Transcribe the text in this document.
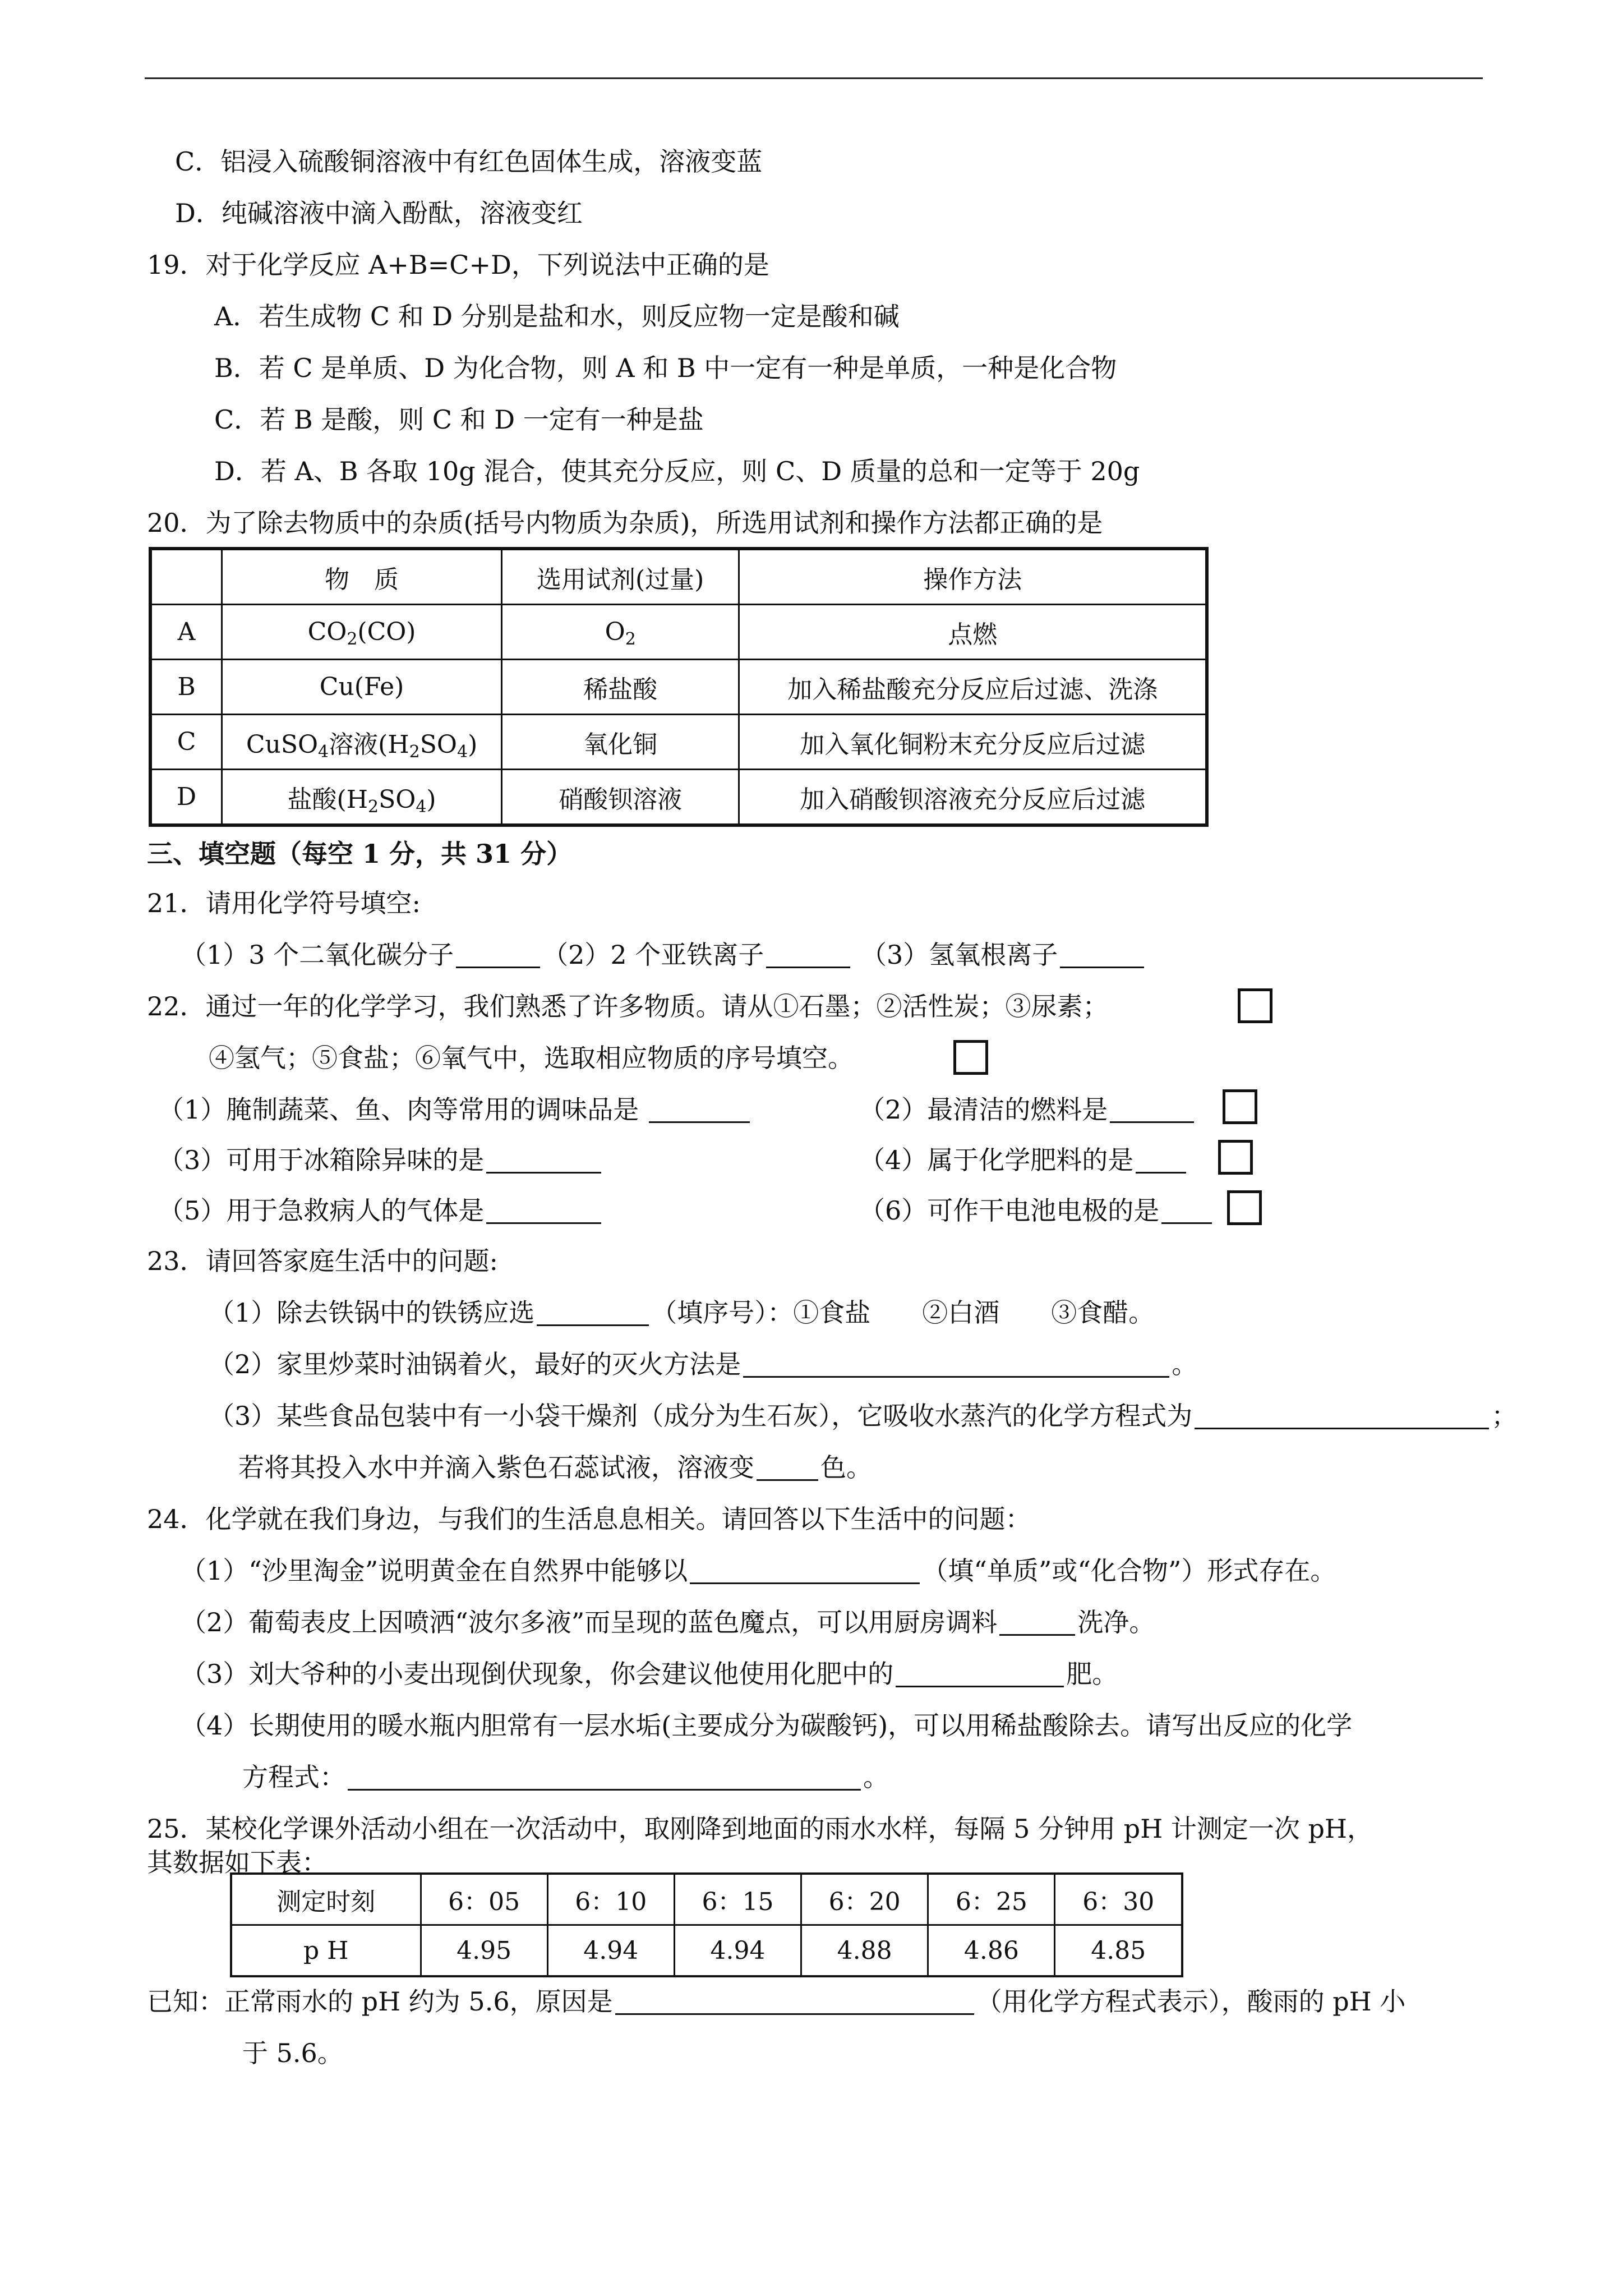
C．铝浸入硫酸铜溶液中有红色固体生成，溶液变蓝
D．纯碱溶液中滴入酚酞，溶液变红
19．对于化学反应 A+B=C+D，下列说法中正确的是
A．若生成物 C 和 D 分别是盐和水，则反应物一定是酸和碱
B．若 C 是单质、D 为化合物，则 A 和 B 中一定有一种是单质，一种是化合物
C．若 B 是酸，则 C 和 D 一定有一种是盐
D．若 A、B 各取 10g 混合，使其充分反应，则 C、D 质量的总和一定等于 20g
20．为了除去物质中的杂质(括号内物质为杂质)，所选用试剂和操作方法都正确的是
	物　质	选用试剂(过量)	操作方法
A	$CO_2(CO)$	$O_2$	点燃
B	Cu(Fe)	稀盐酸	加入稀盐酸充分反应后过滤、洗涤
C	CuSO$_4$溶液$(H_2SO_4)$	氧化铜	加入氧化铜粉末充分反应后过滤
D	盐酸$(H_2SO_4)$	硝酸钡溶液	加入硝酸钡溶液充分反应后过滤
三、填空题（每空 1 分，共 31 分）
21．请用化学符号填空:
（1）3 个二氧化碳分子	（2）2 个亚铁离子	（3）氢氧根离子
22．通过一年的化学学习，我们熟悉了许多物质。请从①石墨；②活性炭；③尿素；
④氢气；⑤食盐；⑥氧气中，选取相应物质的序号填空。
（1）腌制蔬菜、鱼、肉等常用的调味品是	（2）最清洁的燃料是
（3）可用于冰箱除异味的是	（4）属于化学肥料的是
（5）用于急救病人的气体是	（6）可作干电池电极的是
23．请回答家庭生活中的问题:
（1）除去铁锅中的铁锈应选	（填序号）：①食盐　　②白酒　　③食醋。
（2）家里炒菜时油锅着火，最好的灭火方法是	。
（3）某些食品包装中有一小袋干燥剂（成分为生石灰），它吸收水蒸汽的化学方程式为	；
若将其投入水中并滴入紫色石蕊试液，溶液变	色。
24．化学就在我们身边，与我们的生活息息相关。请回答以下生活中的问题：
（1）“沙里淘金”说明黄金在自然界中能够以	（填“单质”或“化合物”）形式存在。
（2）葡萄表皮上因喷洒“波尔多液”而呈现的蓝色魔点，可以用厨房调料	洗净。
（3）刘大爷种的小麦出现倒伏现象，你会建议他使用化肥中的	肥。
（4）长期使用的暖水瓶内胆常有一层水垢(主要成分为碳酸钙)，可以用稀盐酸除去。请写出反应的化学
方程式：	。
25．某校化学课外活动小组在一次活动中，取刚降到地面的雨水水样，每隔 5 分钟用 pH 计测定一次 pH，
其数据如下表：
测定时刻	6：05	6：10	6：15	6：20	6：25	6：30
p H	4.95	4.94	4.94	4.88	4.86	4.85
已知：正常雨水的 pH 约为 5.6，原因是	（用化学方程式表示），酸雨的 pH 小
于 5.6。
